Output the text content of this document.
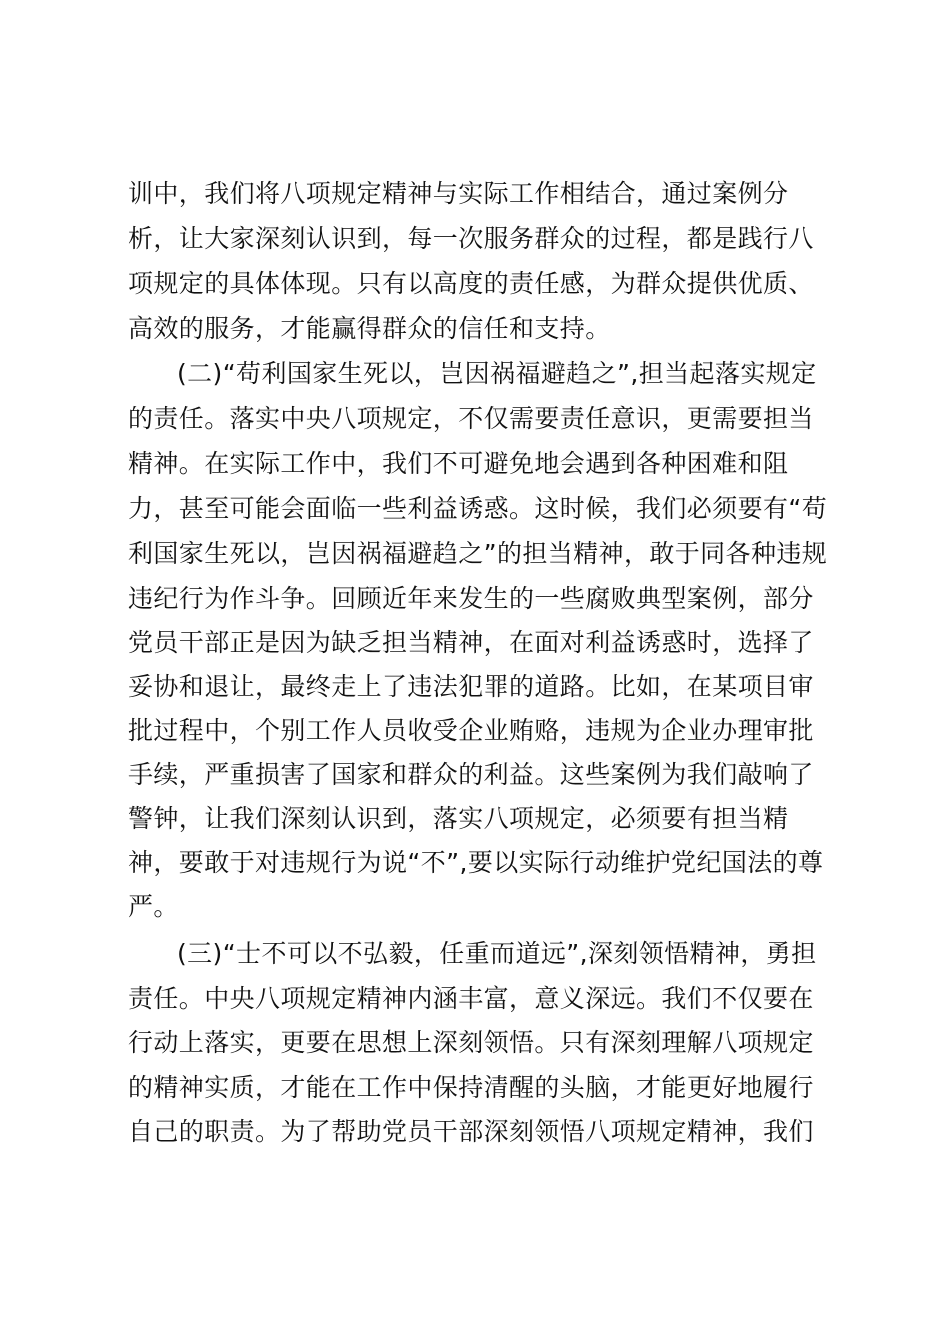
训中，我们将八项规定精神与实际工作相结合，通过案例分
析，让大家深刻认识到，每一次服务群众的过程，都是践行八
项规定的具体体现。只有以高度的责任感，为群众提供优质、
高效的服务，才能赢得群众的信任和支持。
(二)“苟利国家生死以，岂因祸福避趋之”,担当起落实规定
的责任。落实中央八项规定，不仅需要责任意识，更需要担当
精神。在实际工作中，我们不可避免地会遇到各种困难和阻
力，甚至可能会面临一些利益诱惑。这时候，我们必须要有“苟
利国家生死以，岂因祸福避趋之”的担当精神，敢于同各种违规
违纪行为作斗争。回顾近年来发生的一些腐败典型案例，部分
党员干部正是因为缺乏担当精神，在面对利益诱惑时，选择了
妥协和退让，最终走上了违法犯罪的道路。比如，在某项目审
批过程中，个别工作人员收受企业贿赂，违规为企业办理审批
手续，严重损害了国家和群众的利益。这些案例为我们敲响了
警钟，让我们深刻认识到，落实八项规定，必须要有担当精
神，要敢于对违规行为说“不”,要以实际行动维护党纪国法的尊
严。
(三)“士不可以不弘毅，任重而道远”,深刻领悟精神，勇担
责任。中央八项规定精神内涵丰富，意义深远。我们不仅要在
行动上落实，更要在思想上深刻领悟。只有深刻理解八项规定
的精神实质，才能在工作中保持清醒的头脑，才能更好地履行
自己的职责。为了帮助党员干部深刻领悟八项规定精神，我们
